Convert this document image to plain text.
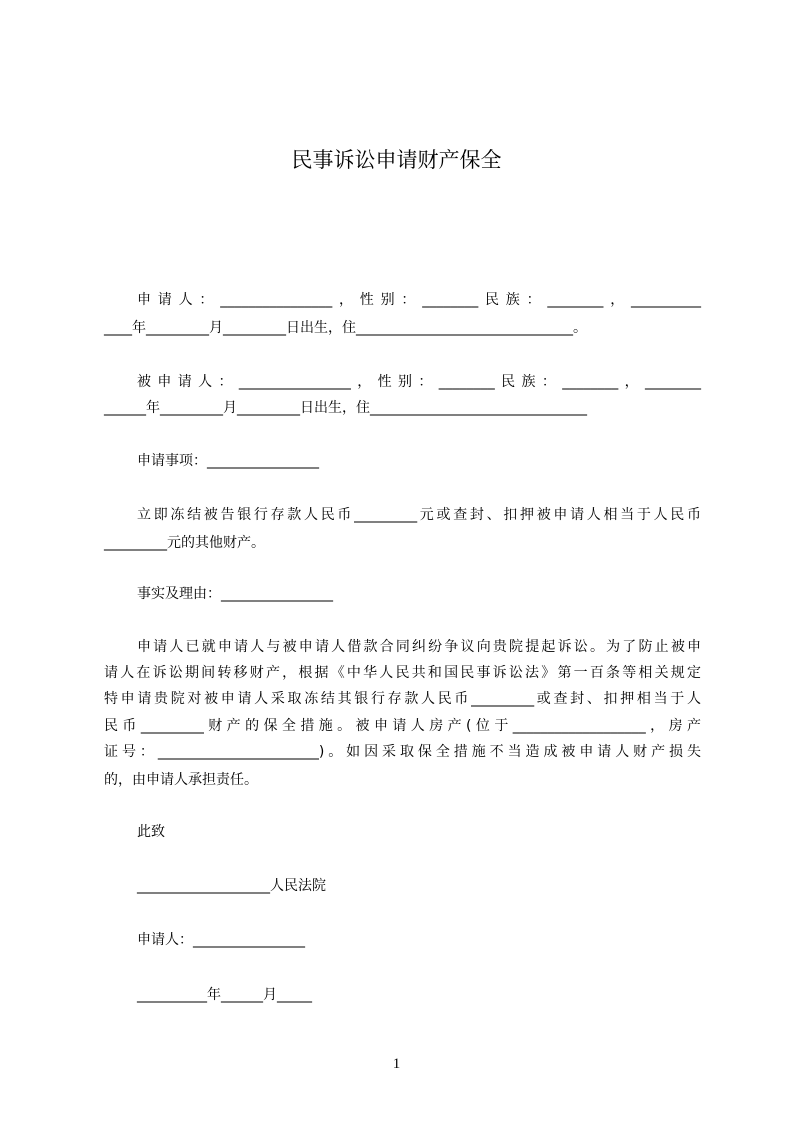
民事诉讼申请财产保全
申请人：________________，性别：________民族：________，__________
____年_________月_________日出生，住_______________________________。
被申请人：________________，性别：________民族：________，________
______年_________月_________日出生，住_______________________________
申请事项：________________
立即冻结被告银行存款人民币_________元或查封、扣押被申请人相当于人民币
_________元的其他财产。
事实及理由：________________
申请人已就申请人与被申请人借款合同纠纷争议向贵院提起诉讼。为了防止被申
请人在诉讼期间转移财产，根据《中华人民共和国民事诉讼法》第一百条等相关规定
特申请贵院对被申请人采取冻结其银行存款人民币_________或查封、扣押相当于人
民币_________财产的保全措施。被申请人房产(位于___________________，房产
证号：_______________________)。如因采取保全措施不当造成被申请人财产损失
的，由申请人承担责任。
此致
___________________人民法院
申请人：________________
__________年______月_____
1
